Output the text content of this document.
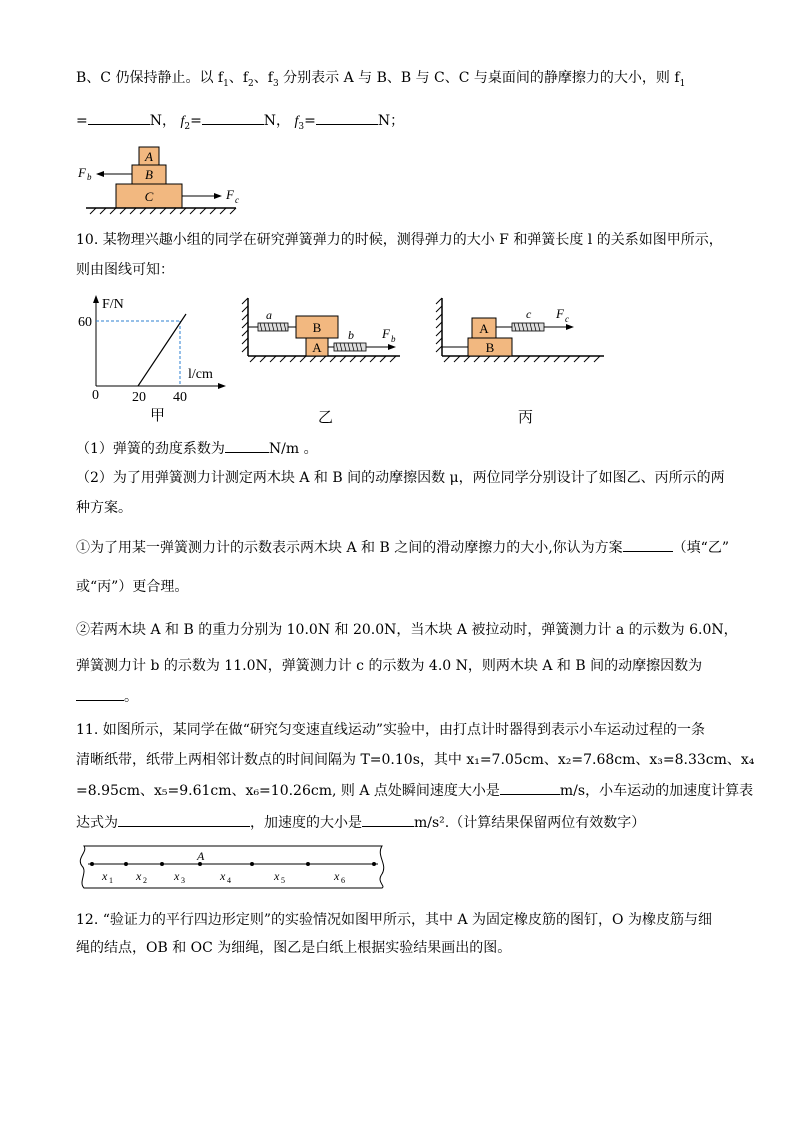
B、C 仍保持静止。以 $f_1$、$f_2$、$f_3$ 分别表示 A 与 B、B 与 C、C 与桌面间的静摩擦力的大小，则 $f_1$
=	N， $f_2=$	N， $f_3=$	N；
A
B
C
F b
F c
10. 某物理兴趣小组的同学在研究弹簧弹力的时候，测得弹力的大小 F 和弹簧长度 l 的关系如图甲所示，
则由图线可知：
F/N
l/cm
60
0 20 40
甲
B
A
a
b F b
乙
A
B
c F c
丙
（1）弹簧的劲度系数为	N/m 。
（2）为了用弹簧测力计测定两木块 A 和 B 间的动摩擦因数 μ，两位同学分别设计了如图乙、丙所示的两
种方案。
①为了用某一弹簧测力计的示数表示两木块 A 和 B 之间的滑动摩擦力的大小,你认为方案	（填“乙”
或“丙”）更合理。
②若两木块 A 和 B 的重力分别为 10.0N 和 20.0N，当木块 A 被拉动时，弹簧测力计 a 的示数为 6.0N，
弹簧测力计 b 的示数为 11.0N，弹簧测力计 c 的示数为 4.0 N，则两木块 A 和 B 间的动摩擦因数为
。
11. 如图所示，某同学在做“研究匀变速直线运动”实验中，由打点计时器得到表示小车运动过程的一条
清晰纸带，纸带上两相邻计数点的时间间隔为 T=0.10s，其中 x₁=7.05cm、x₂=7.68cm、x₃=8.33cm、x₄
=8.95cm、x₅=9.61cm、x₆=10.26cm, 则 A 点处瞬间速度大小是	m/s，小车运动的加速度计算表
达式为	，加速度的大小是	m/s².（计算结果保留两位有效数字）
A
x 1 x 2 x 3	x 4	x 5	x 6
12. “验证力的平行四边形定则”的实验情况如图甲所示，其中 A 为固定橡皮筋的图钉，O 为橡皮筋与细
绳的结点，OB 和 OC 为细绳，图乙是白纸上根据实验结果画出的图。
